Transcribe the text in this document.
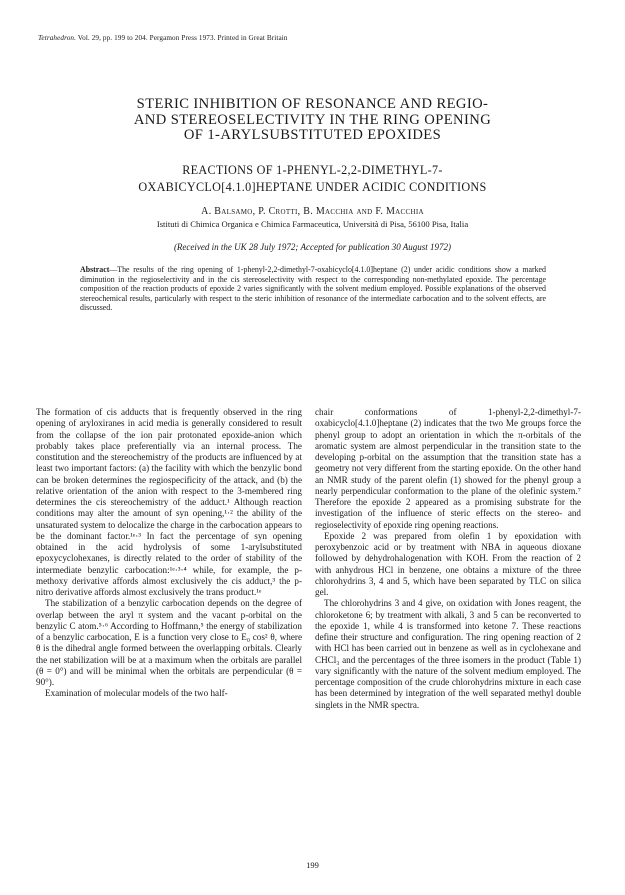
Tetrahedron. Vol. 29, pp. 199 to 204. Pergamon Press 1973. Printed in Great Britain
STERIC INHIBITION OF RESONANCE AND REGIO-
AND STEREOSELECTIVITY IN THE RING OPENING
OF 1-ARYLSUBSTITUTED EPOXIDES
REACTIONS OF 1-PHENYL-2,2-DIMETHYL-7-
OXABICYCLO[4.1.0]HEPTANE UNDER ACIDIC CONDITIONS
A. Balsamo, P. Crotti, B. Macchia and F. Macchia
Istituti di Chimica Organica e Chimica Farmaceutica, Università di Pisa, 56100 Pisa, Italia
(Received in the UK 28 July 1972; Accepted for publication 30 August 1972)
Abstract—The results of the ring opening of 1-phenyl-2,2-dimethyl-7-oxabicyclo[4.1.0]heptane (2) under acidic conditions show a marked diminution in the regioselectivity and in the cis stereoselectivity with respect to the corresponding non-methylated epoxide. The percentage composition of the reaction products of epoxide 2 varies significantly with the solvent medium employed. Possible explanations of the observed stereochemical results, particularly with respect to the steric inhibition of resonance of the intermediate carbocation and to the solvent effects, are discussed.

The formation of cis adducts that is frequently observed in the ring opening of aryloxiranes in acid media is generally considered to result from the collapse of the ion pair protonated epoxide-anion which probably takes place preferentially via an internal process. The constitution and the stereochemistry of the products are influenced by at least two important factors: (a) the facility with which the benzylic bond can be broken determines the regiospecificity of the attack, and (b) the relative orientation of the anion with respect to the 3-membered ring determines the cis stereochemistry of the adduct.¹ Although reaction conditions may alter the amount of syn opening,¹·² the ability of the unsaturated system to delocalize the charge in the carbocation appears to be the dominant factor.¹ᵉ·³ In fact the percentage of syn opening obtained in the acid hydrolysis of some 1-arylsubstituted epoxycyclohexanes, is directly related to the order of stability of the intermediate benzylic carbocation:¹ᵉ·³·⁴ while, for example, the p-methoxy derivative affords almost exclusively the cis adduct,³ the p-nitro derivative affords almost exclusively the trans product.¹ᵉ

The stabilization of a benzylic carbocation depends on the degree of overlap between the aryl π system and the vacant p-orbital on the benzylic C atom.⁵·⁶ According to Hoffmann,⁵ the energy of stabilization of a benzylic carbocation, E is a function very close to E₀ cos² θ, where θ is the dihedral angle formed between the overlapping orbitals. Clearly the net stabilization will be at a maximum when the orbitals are parallel (θ = 0°) and will be minimal when the orbitals are perpendicular (θ = 90°).

Examination of molecular models of the two half-

chair conformations of 1-phenyl-2,2-dimethyl-7-oxabicyclo[4.1.0]heptane (2) indicates that the two Me groups force the phenyl group to adopt an orientation in which the π-orbitals of the aromatic system are almost perpendicular in the transition state to the developing p-orbital on the assumption that the transition state has a geometry not very different from the starting epoxide. On the other hand an NMR study of the parent olefin (1) showed for the phenyl group a nearly perpendicular conformation to the plane of the olefinic system.⁷ Therefore the epoxide 2 appeared as a promising substrate for the investigation of the influence of steric effects on the stereo- and regioselectivity of epoxide ring opening reactions.

Epoxide 2 was prepared from olefin 1 by epoxidation with peroxybenzoic acid or by treatment with NBA in aqueous dioxane followed by dehydrohalogenation with KOH. From the reaction of 2 with anhydrous HCl in benzene, one obtains a mixture of the three chlorohydrins 3, 4 and 5, which have been separated by TLC on silica gel.

The chlorohydrins 3 and 4 give, on oxidation with Jones reagent, the chloroketone 6; by treatment with alkali, 3 and 5 can be reconverted to the epoxide 1, while 4 is transformed into ketone 7. These reactions define their structure and configuration. The ring opening reaction of 2 with HCl has been carried out in benzene as well as in cyclohexane and CHCl₃ and the percentages of the three isomers in the product (Table 1) vary significantly with the nature of the solvent medium employed. The percentage composition of the crude chlorohydrins mixture in each case has been determined by integration of the well separated methyl double singlets in the NMR spectra.

199
